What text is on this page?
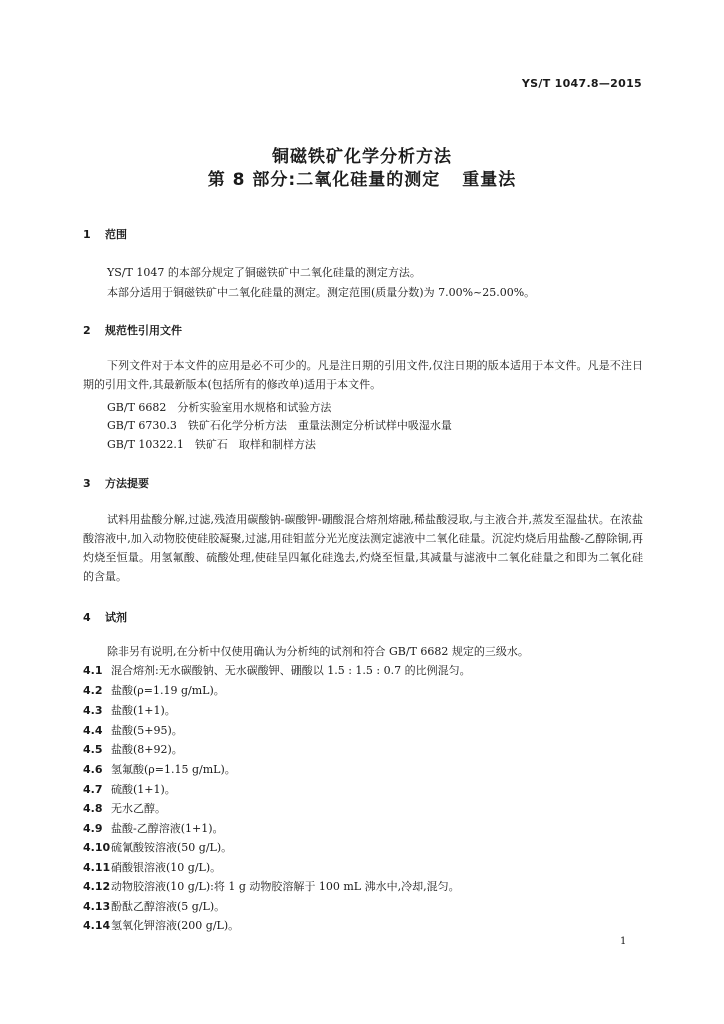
YS/T 1047.8—2015
铜磁铁矿化学分析方法
第 8 部分:二氧化硅量的测定 重量法
1 范围
YS/T 1047 的本部分规定了铜磁铁矿中二氧化硅量的测定方法。
本部分适用于铜磁铁矿中二氧化硅量的测定。测定范围(质量分数)为 7.00%~25.00%。
2 规范性引用文件
下列文件对于本文件的应用是必不可少的。凡是注日期的引用文件,仅注日期的版本适用于本文件。凡是不注日期的引用文件,其最新版本(包括所有的修改单)适用于本文件。
GB/T 6682　分析实验室用水规格和试验方法
GB/T 6730.3　铁矿石化学分析方法　重量法测定分析试样中吸湿水量
GB/T 10322.1　铁矿石　取样和制样方法
3 方法提要
试料用盐酸分解,过滤,残渣用碳酸钠-碳酸钾-硼酸混合熔剂熔融,稀盐酸浸取,与主液合并,蒸发至湿盐状。在浓盐酸溶液中,加入动物胶使硅胶凝聚,过滤,用硅钼蓝分光光度法测定滤液中二氧化硅量。沉淀灼烧后用盐酸-乙醇除铜,再灼烧至恒量。用氢氟酸、硫酸处理,使硅呈四氟化硅逸去,灼烧至恒量,其减量与滤液中二氧化硅量之和即为二氧化硅的含量。
4 试剂
除非另有说明,在分析中仅使用确认为分析纯的试剂和符合 GB/T 6682 规定的三级水。
4.1 混合熔剂:无水碳酸钠、无水碳酸钾、硼酸以 1.5 : 1.5 : 0.7 的比例混匀。
4.2 盐酸(ρ=1.19 g/mL)。
4.3 盐酸(1+1)。
4.4 盐酸(5+95)。
4.5 盐酸(8+92)。
4.6 氢氟酸(ρ=1.15 g/mL)。
4.7 硫酸(1+1)。
4.8 无水乙醇。
4.9 盐酸-乙醇溶液(1+1)。
4.10硫氰酸铵溶液(50 g/L)。
4.11硝酸银溶液(10 g/L)。
4.12动物胶溶液(10 g/L):将 1 g 动物胶溶解于 100 mL 沸水中,冷却,混匀。
4.13酚酞乙醇溶液(5 g/L)。
4.14氢氧化钾溶液(200 g/L)。
1
